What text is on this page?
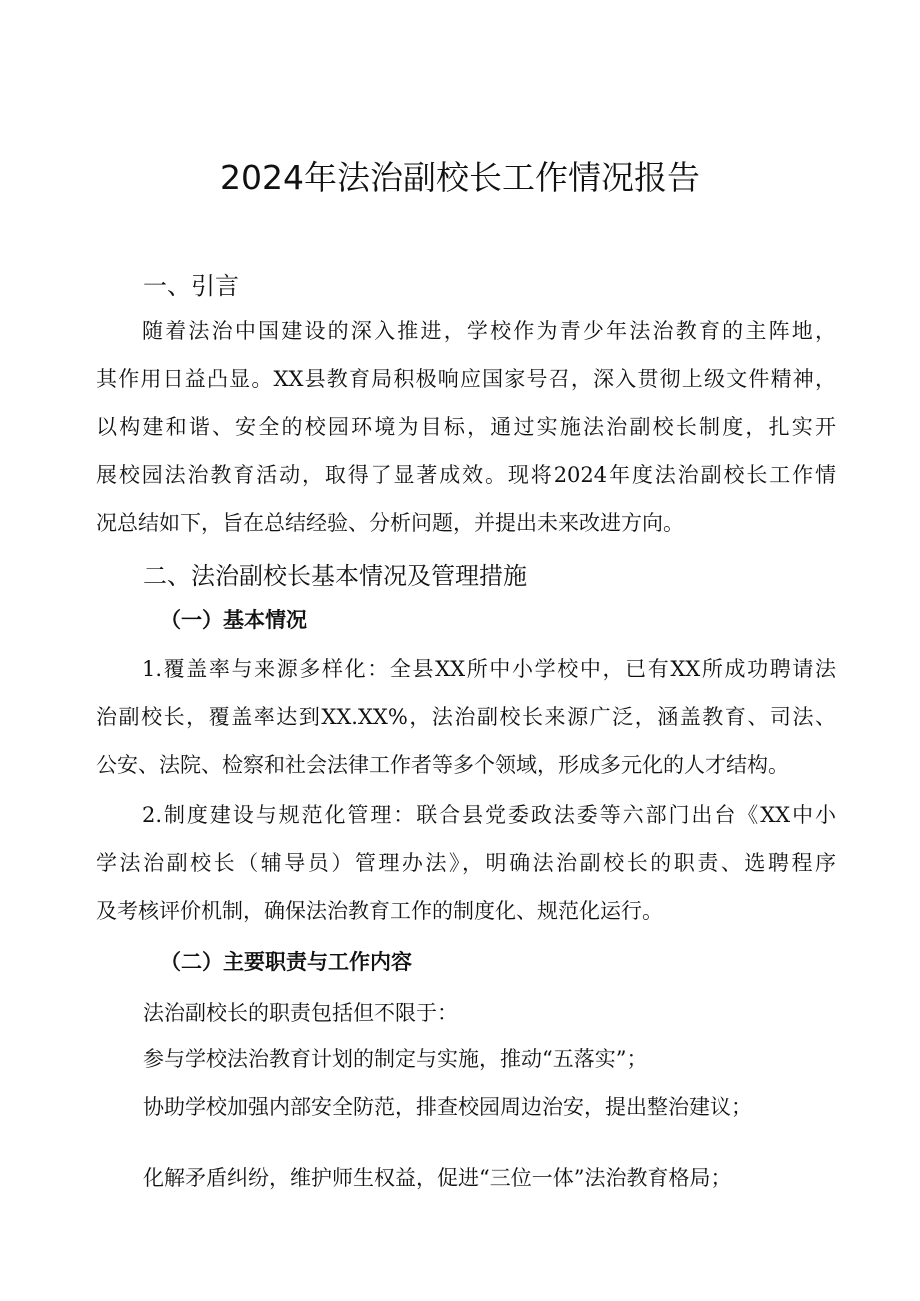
2024年法治副校长工作情况报告
一、引言
随着法治中国建设的深入推进，学校作为青少年法治教育的主阵地，
其作用日益凸显。XX县教育局积极响应国家号召，深入贯彻上级文件精神，
以构建和谐、安全的校园环境为目标，通过实施法治副校长制度，扎实开
展校园法治教育活动，取得了显著成效。现将2024年度法治副校长工作情
况总结如下，旨在总结经验、分析问题，并提出未来改进方向。
二、法治副校长基本情况及管理措施
（一）基本情况
1.覆盖率与来源多样化：全县XX所中小学校中，已有XX所成功聘请法
治副校长，覆盖率达到XX.XX%，法治副校长来源广泛，涵盖教育、司法、
公安、法院、检察和社会法律工作者等多个领域，形成多元化的人才结构。
2.制度建设与规范化管理：联合县党委政法委等六部门出台《XX中小
学法治副校长（辅导员）管理办法》，明确法治副校长的职责、选聘程序
及考核评价机制，确保法治教育工作的制度化、规范化运行。
（二）主要职责与工作内容

法治副校长的职责包括但不限于：

参与学校法治教育计划的制定与实施，推动“五落实”；

协助学校加强内部安全防范，排查校园周边治安，提出整治建议；

化解矛盾纠纷，维护师生权益，促进“三位一体”法治教育格局；
